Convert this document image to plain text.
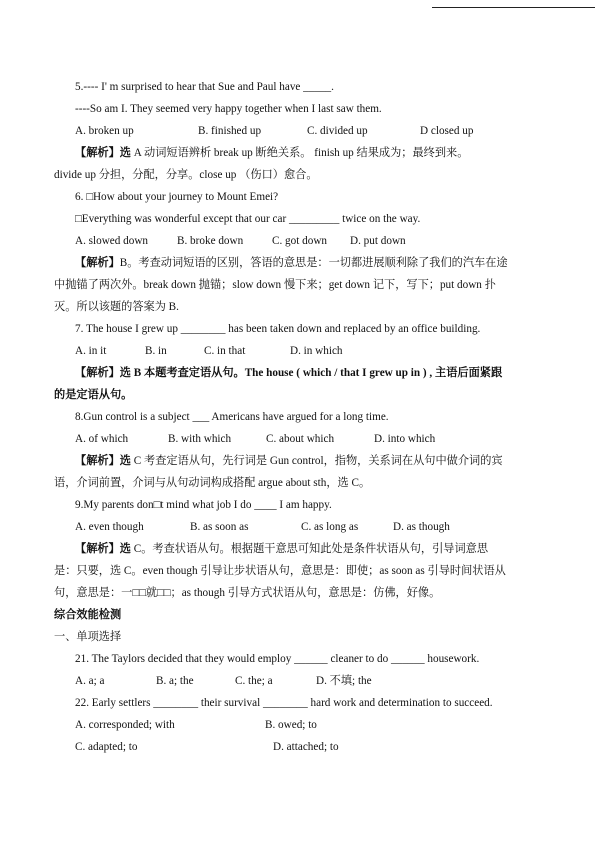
5.---- I' m surprised to hear that Sue and Paul have _____.
----So am I. They seemed very happy together when I last saw them.
A. broken up	B. finished up	C. divided up	D closed up
【解析】选 A 动词短语辨析 break up 断绝关系。 finish up 结果成为；最终到来。
divide up 分担，分配，分享。close up （伤口）愈合。
6. □How about your journey to Mount Emei?
□Everything was wonderful except that our car _________ twice on the way.
A. slowed down	B. broke down	C. got down D. put down
【解析】B。考查动词短语的区别，答语的意思是：一切都进展顺利除了我们的汽车在途
中抛锚了两次外。break down 抛锚；slow down 慢下来；get down 记下，写下；put down 扑
灭。所以该题的答案为 B.
7. The house I grew up ________ has been taken down and replaced by an office building.
A. in it	B. in	C. in that	D. in which
【解析】选 B 本题考查定语从句。The house ( which / that I grew up in ) , 主语后面紧跟
的是定语从句。
8.Gun control is a subject ___ Americans have argued for a long time.
A. of which	B. with which	C. about which	D. into which
【解析】选 C 考查定语从句，先行词是 Gun control，指物，关系词在从句中做介词的宾
语，介词前置，介词与从句动词构成搭配 argue about sth，选 C。
9.My parents don□t mind what job I do ____ I am happy.
A. even though	B. as soon as	C. as long as	D. as though
【解析】选 C。考查状语从句。根据题干意思可知此处是条件状语从句，引导词意思
是：只要，选 C。even though 引导让步状语从句，意思是：即使；as soon as 引导时间状语从
句，意思是：一□□就□□；as though 引导方式状语从句，意思是：仿佛，好像。
综合效能检测
一、单项选择
21. The Taylors decided that they would employ ______ cleaner to do ______ housework.
A. a; a	B. a; the	C. the; a	D. 不填; the
22. Early settlers ________ their survival ________ hard work and determination to succeed.
A. corresponded; with	B. owed; to
C. adapted; to	D. attached; to
